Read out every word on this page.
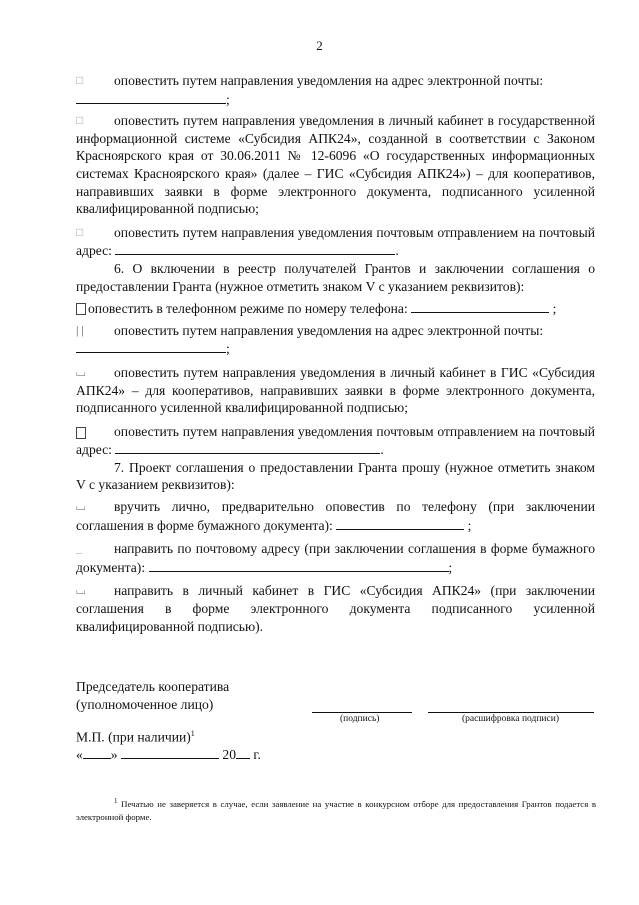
2
□	оповестить путем направления уведомления на адрес электронной почты:
;
□	оповестить путем направления уведомления в личный кабинет в государственной информационной системе «Субсидия АПК24», созданной в соответствии с Законом Красноярского края от 30.06.2011 № 12-6096 «О государственных информационных системах Красноярского края» (далее – ГИС «Субсидия АПК24») – для кооперативов, направивших заявки в форме электронного документа, подписанного усиленной квалифицированной подписью;
□	оповестить путем направления уведомления почтовым отправлением на почтовый адрес:	.

6. О включении в реестр получателей Грантов и заключении соглашения о предоставлении Гранта (нужное отметить знаком V с указанием реквизитов):

оповестить в телефонном режиме по номеру телефона:	;
| |	оповестить путем направления уведомления на адрес электронной почты:
;
⌴	оповестить путем направления уведомления в личный кабинет в ГИС «Субсидия АПК24» – для кооперативов, направивших заявки в форме электронного документа, подписанного усиленной квалифицированной подписью;
оповестить путем направления уведомления почтовым отправлением на почтовый адрес:	.

7. Проект соглашения о предоставлении Гранта прошу (нужное отметить знаком V с указанием реквизитов):

⌴	вручить лично, предварительно оповестив по телефону (при заключении соглашения в форме бумажного документа):	;
_	направить по почтовому адресу (при заключении соглашения в форме бумажного документа):	;
⌴	направить в личный кабинет в ГИС «Субсидия АПК24» (при заключении соглашения в форме электронного документа подписанного усиленной квалифицированной подписью).

Председатель кооператива

(уполномоченное лицо)

(подпись)	(расшифровка подписи)
М.П. (при наличии)$^1$
« »	20 г.
$^1$ Печатью не заверяется в случае, если заявление на участие в конкурсном отборе для предоставления Грантов подается в электронной форме.
